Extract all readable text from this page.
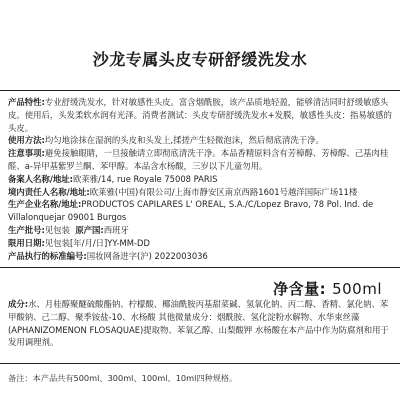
沙龙专属头皮专研舒缓洗发水

产品特性:专业舒缓洗发水，针对敏感性头皮。富含烟酰胺，该产品质地轻盈，能够清洁同时舒缓敏感头皮。使用后，头发柔软水润有光泽。消费者测试：头皮专研舒缓洗发水+发膜，敏感性头皮：指易敏感的头皮。

使用方法:均匀地涂抹在湿润的头皮和头发上,揉搓产生轻微泡沫，然后彻底清洗干净。

注意事项:避免接触眼睛，一旦接触请立即彻底清洗干净。本品香精原料含有芳樟醇、芳樟醇、己基肉桂醛、a-异甲基紫罗兰酮、苯甲醇。本品含水杨酸，三岁以下儿童勿用。

备案人名称/地址:欧莱雅/14, rue Royale 75008 PARIS

境内责任人名称/地址:欧莱雅(中国)有限公司/上海市静安区南京西路1601号越洋国际广场11楼

生产企业名称/地址:PRODUCTOS CAPILARES L' OREAL, S.A./C/Lopez Bravo, 78 Pol. Ind. de Villalonquejar 09001 Burgos

生产批号:见包装 原产国:西班牙

限用日期:见包装[年/月/日]YY-MM-DD

产品执行的标准编号:国妆网备进字(沪) 2022003036

净含量: 500ml

成分:水、月桂醇聚醚硫酸酯钠、柠檬酸、椰油酰胺丙基甜菜碱、氢氧化钠、丙二醇、香精、氯化钠、苯甲酸钠、己二醇、聚季铵盐-10、水杨酸 其他微量成分：烟酰胺、氢化淀粉水解物、水华束丝藻(APHANIZOMENON FLOSAQUAE)提取物、苯氧乙醇、山梨酸钾 水杨酸在本产品中作为防腐剂和用于发用调理剂。

备注：本产品共有500ml、300ml、100ml、10ml四种规格。
